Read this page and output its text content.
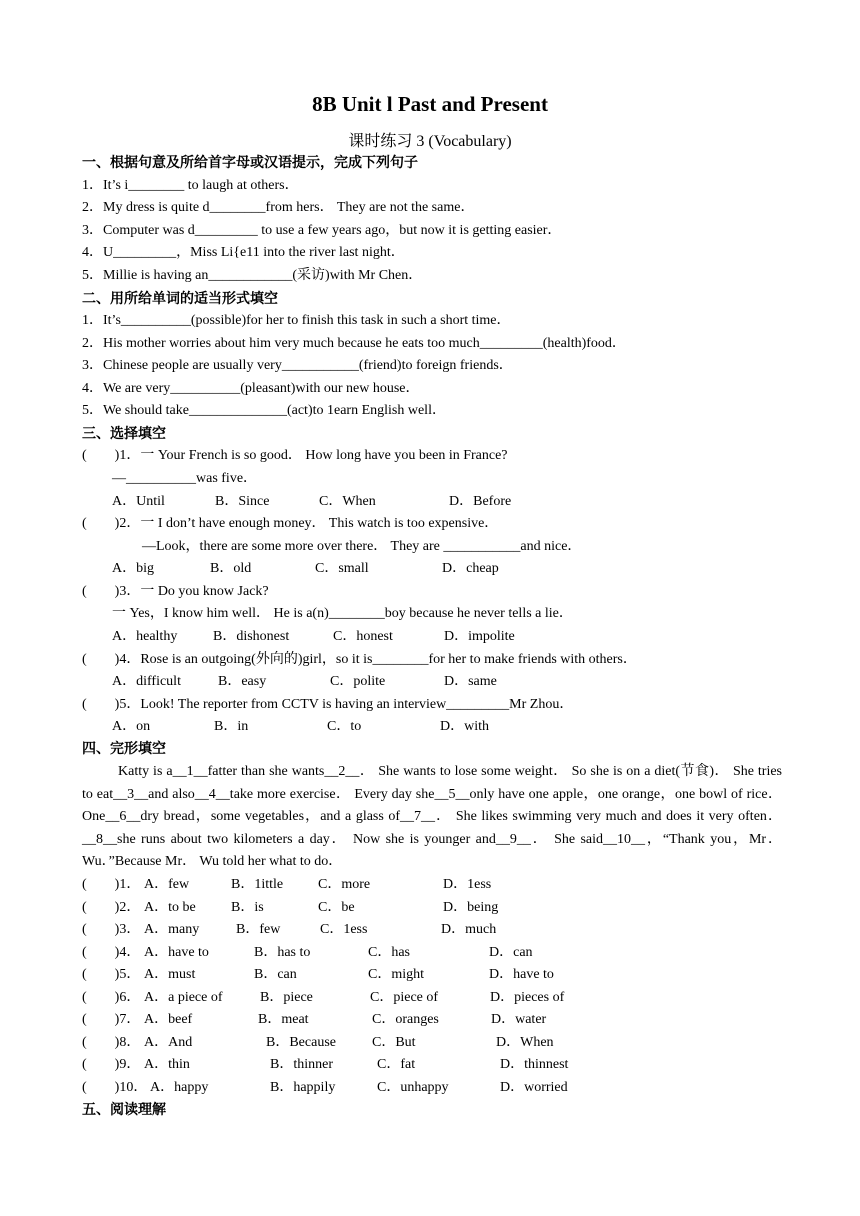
8B Unit l Past and Present
课时练习 3 (Vocabulary)
一、根据句意及所给首字母或汉语提示，完成下列句子
1．It’s i________ to laugh at others．
2．My dress is quite d________from hers． They are not the same．
3．Computer was d_________ to use a few years ago，but now it is getting easier．
4．U_________，Miss Li{e11 into the river last night．
5．Millie is having an____________(采访)with Mr Chen．
二、用所给单词的适当形式填空
1．It’s__________(possible)for her to finish this task in such a short time．
2．His mother worries about him very much because he eats too much_________(health)food．
3．Chinese people are usually very___________(friend)to foreign friends．
4．We are very__________(pleasant)with our new house．
5．We should take______________(act)to 1earn English well．
三、选择填空
(        )1．一 Your French is so good． How long have you been in France?
—__________was five．
A．Until	B．Since	C．When	D．Before
(        )2．一 I don’t have enough money． This watch is too expensive．
—Look，there are some more over there． They are ___________and nice．
A．big	B．old	C．small	D．cheap
(        )3．一 Do you know Jack?
一 Yes，I know him well． He is a(n)________boy because he never tells a lie．
A．healthy	B．dishonest	C．honest	D．impolite
(        )4．Rose is an outgoing(外向的)girl，so it is________for her to make friends with others．
A．difficult	B．easy	C．polite	D．same
(        )5．Look! The reporter from CCTV is having an interview_________Mr Zhou．
A．on	B．in	C．to	D．with
四、完形填空
Katty is a__1__fatter than she wants__2__． She wants to lose some weight． So she is on a diet(节食)． She tries to eat__3__and also__4__take more exercise． Every day she__5__only have one apple，one orange，one bowl of rice． One__6__dry bread，some vegetables，and a glass of__7__． She likes swimming very much and does it very often．__8__she runs about two kilometers a day． Now she is younger and__9__． She said__10__，“Thank you，Mr． Wu．”Because Mr． Wu told her what to do．
(        )1． A．few	B．1ittle C．more	D．1ess
(        )2． A．to be	B．is	C．be	D．being
(        )3． A．many	B．few	C．1ess	D．much
(        )4． A．have to	B．has to	C．has	D．can
(        )5． A．must	B．can	C．might	D．have to
(        )6． A．a piece of	B．piece	C．piece of	D．pieces of
(        )7． A．beef	B．meat	C．oranges	D．water
(        )8． A．And	B．Because	C．But	D．When
(        )9． A．thin	B．thinner	C．fat	D．thinnest
(        )10． A．happy	B．happily	C．unhappy	D．worried
五、阅读理解
